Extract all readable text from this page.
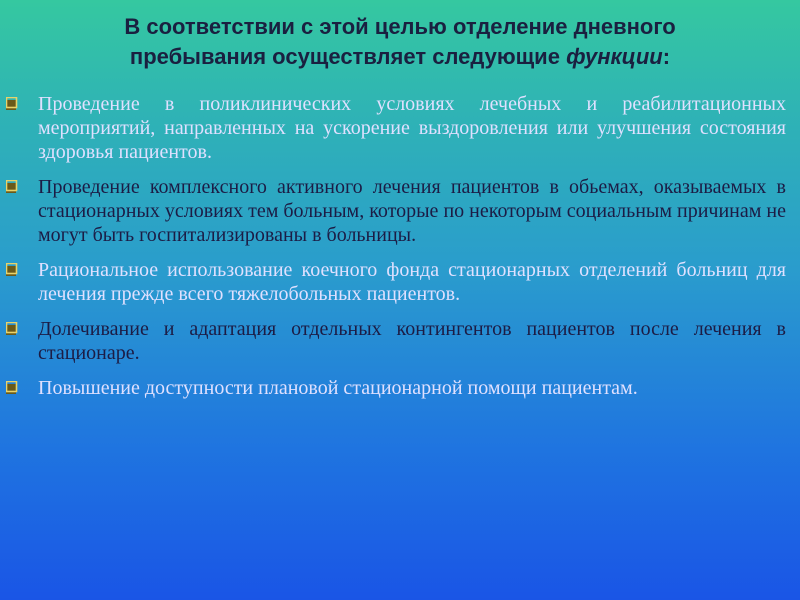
В соответствии с этой целью отделение дневного
пребывания осуществляет следующие функции:
Проведение в поликлинических условиях лечебных и реабилитационных мероприятий, направленных на ускорение выздоровления или улучшения состояния здоровья пациентов.
Проведение комплексного активного лечения пациентов в обьемах, оказываемых в стационарных условиях тем больным, которые по некоторым социальным причинам не могут быть госпитализированы в больницы.
Рациональное использование коечного фонда стационарных отделений больниц для лечения прежде всего тяжелобольных пациентов.
Долечивание и адаптация отдельных контингентов пациентов после лечения в стационаре.
Повышение доступности плановой стационарной помощи пациентам.
